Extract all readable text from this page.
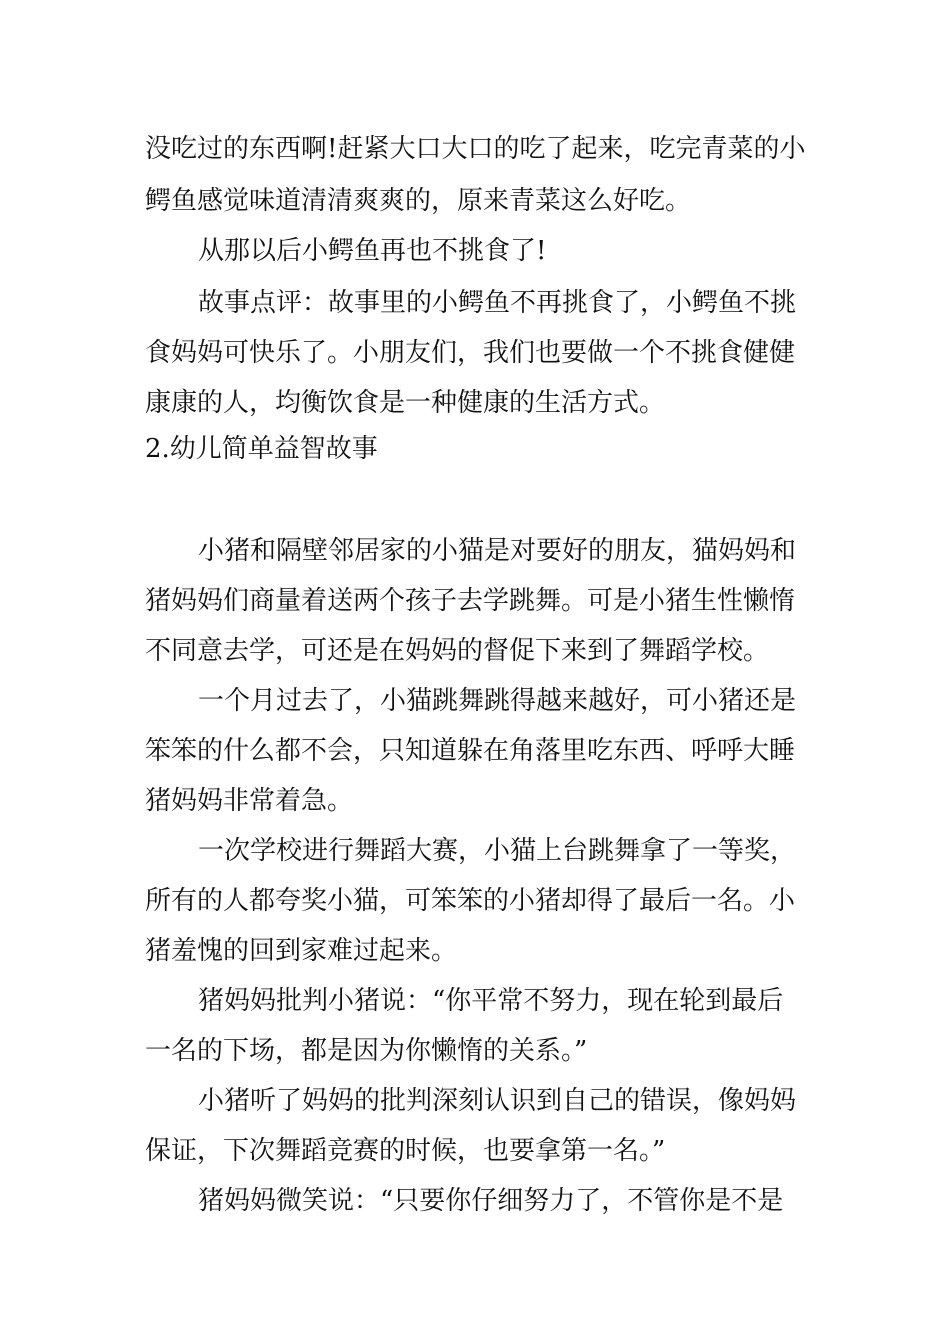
没吃过的东西啊!赶紧大口大口的吃了起来，吃完青菜的小
鳄鱼感觉味道清清爽爽的，原来青菜这么好吃。
从那以后小鳄鱼再也不挑食了!
故事点评：故事里的小鳄鱼不再挑食了，小鳄鱼不挑
食妈妈可快乐了。小朋友们，我们也要做一个不挑食健健
康康的人，均衡饮食是一种健康的生活方式。
2.幼儿简单益智故事
小猪和隔壁邻居家的小猫是对要好的朋友，猫妈妈和
猪妈妈们商量着送两个孩子去学跳舞。可是小猪生性懒惰
不同意去学，可还是在妈妈的督促下来到了舞蹈学校。
一个月过去了，小猫跳舞跳得越来越好，可小猪还是
笨笨的什么都不会，只知道躲在角落里吃东西、呼呼大睡
猪妈妈非常着急。
一次学校进行舞蹈大赛，小猫上台跳舞拿了一等奖，
所有的人都夸奖小猫，可笨笨的小猪却得了最后一名。小
猪羞愧的回到家难过起来。
猪妈妈批判小猪说：“你平常不努力，现在轮到最后
一名的下场，都是因为你懒惰的关系。”
小猪听了妈妈的批判深刻认识到自己的错误，像妈妈
保证，下次舞蹈竞赛的时候，也要拿第一名。”
猪妈妈微笑说：“只要你仔细努力了，不管你是不是
